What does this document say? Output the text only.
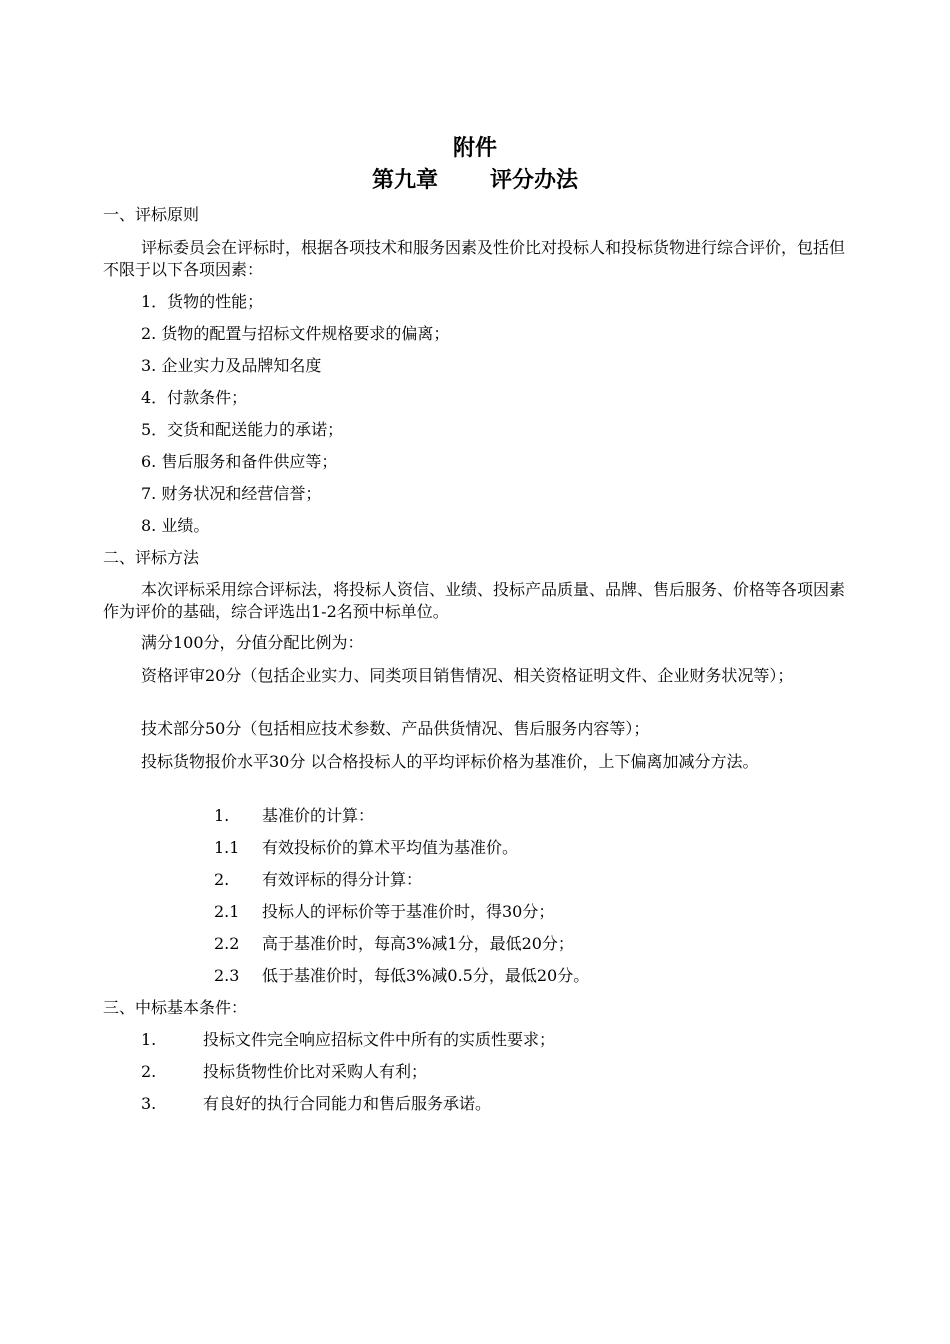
附件
第九章 评分办法
一、评标原则
评标委员会在评标时，根据各项技术和服务因素及性价比对投标人和投标货物进行综合评价，包括但不限于以下各项因素：
1．货物的性能；
2. 货物的配置与招标文件规格要求的偏离；
3. 企业实力及品牌知名度
4．付款条件；
5．交货和配送能力的承诺；
6. 售后服务和备件供应等；
7. 财务状况和经营信誉；
8. 业绩。
二、评标方法
本次评标采用综合评标法，将投标人资信、业绩、投标产品质量、品牌、售后服务、价格等各项因素作为评价的基础，综合评选出1-2名预中标单位。
满分100分，分值分配比例为：
资格评审20分（包括企业实力、同类项目销售情况、相关资格证明文件、企业财务状况等）；
技术部分50分（包括相应技术参数、产品供货情况、售后服务内容等）；
投标货物报价水平30分 以合格投标人的平均评标价格为基准价，上下偏离加减分方法。
1. 基准价的计算：
1.1 有效投标价的算术平均值为基准价。
2. 有效评标的得分计算：
2.1 投标人的评标价等于基准价时，得30分；
2.2 高于基准价时，每高3%减1分，最低20分；
2.3 低于基准价时，每低3%减0.5分，最低20分。
三、中标基本条件：
1.	投标文件完全响应招标文件中所有的实质性要求；
2.	投标货物性价比对采购人有利；
3.	有良好的执行合同能力和售后服务承诺。
